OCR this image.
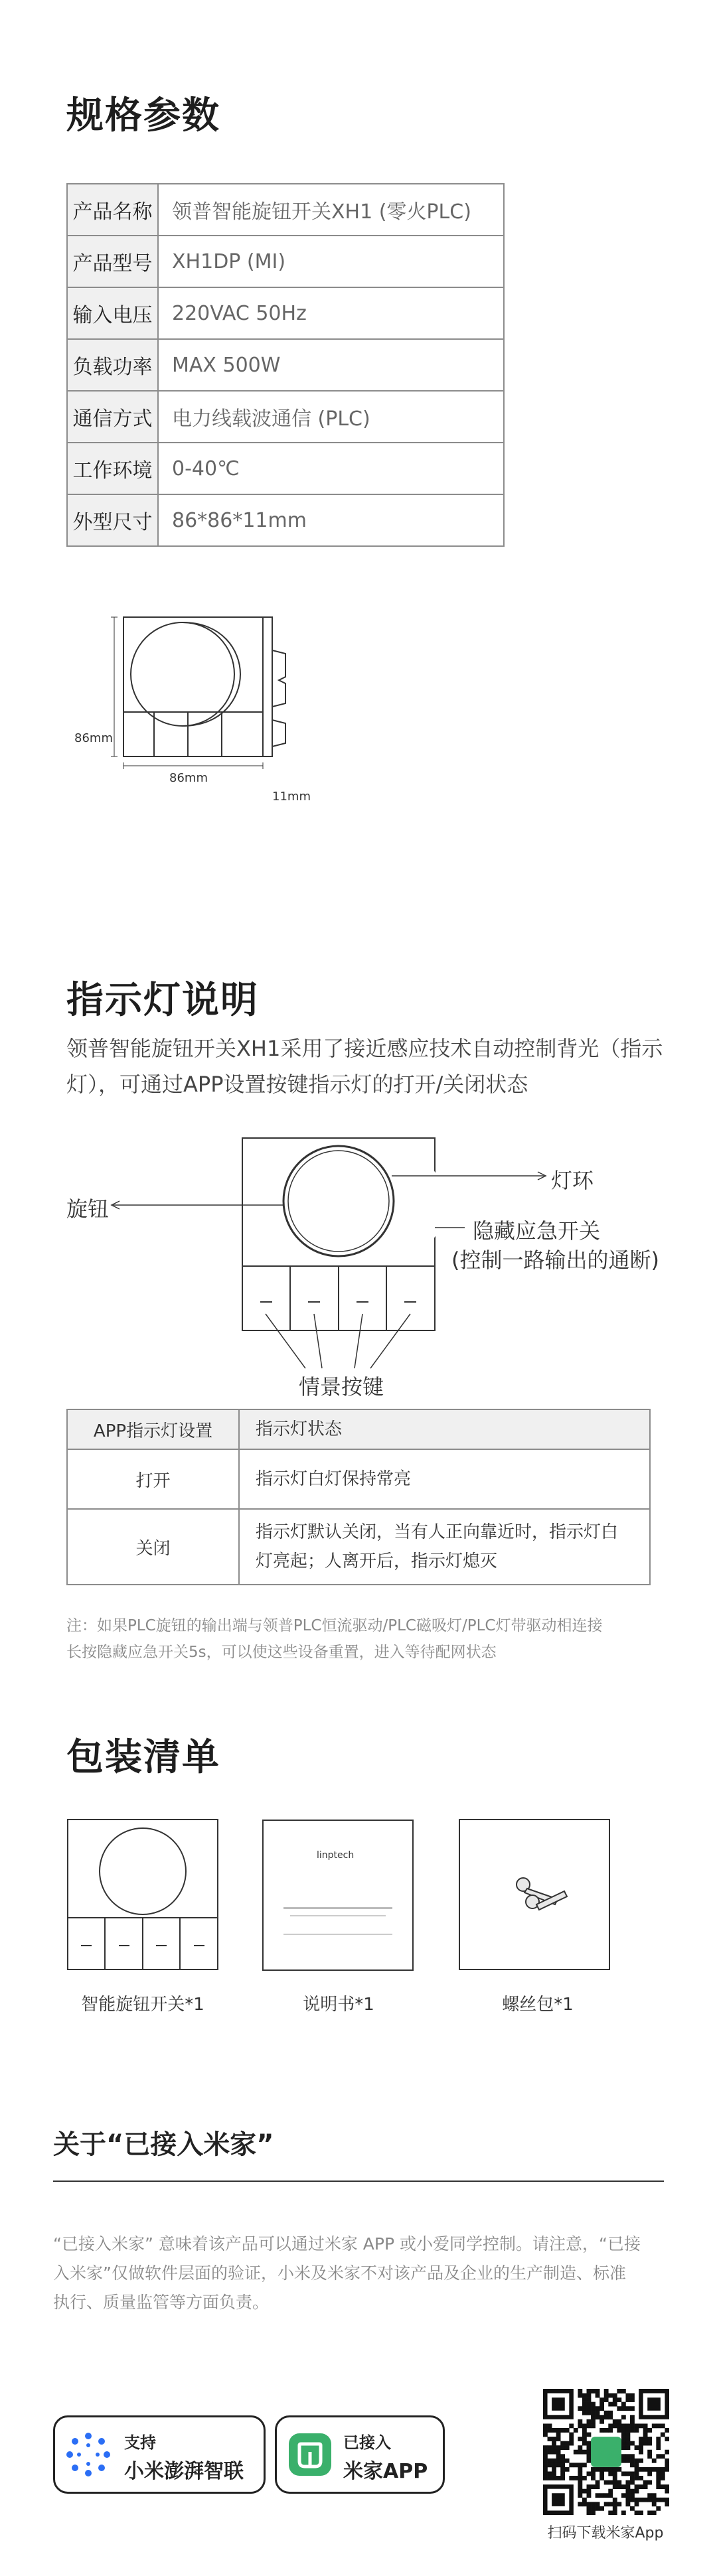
规格参数
产品名称	领普智能旋钮开关XH1 (零火PLC)
产品型号	XH1DP (MI)
输入电压	220VAC 50Hz
负载功率	MAX 500W
通信方式	电力线载波通信 (PLC)
工作环境	0-40℃
外型尺寸	86*86*11mm
86mm
86mm
11mm
指示灯说明
领普智能旋钮开关XH1采用了接近感应技术自动控制背光（指示
灯），可通过APP设置按键指示灯的打开/关闭状态
旋钮
灯环
隐藏应急开关
(控制一路输出的通断)
情景按键
APP指示灯设置	指示灯状态
打开	指示灯白灯保持常亮
关闭	指示灯默认关闭，当有人正向靠近时，指示灯白
灯亮起；人离开后，指示灯熄灭
注：如果PLC旋钮的输出端与领普PLC恒流驱动/PLC磁吸灯/PLC灯带驱动相连接
长按隐藏应急开关5s，可以使这些设备重置，进入等待配网状态
包装清单
linptech
智能旋钮开关*1	说明书*1	螺丝包*1
关于“已接入米家”
“已接入米家” 意味着该产品可以通过米家 APP 或小爱同学控制。请注意，“已接
入米家”仅做软件层面的验证，小米及米家不对该产品及企业的生产制造、标准
执行、质量监管等方面负责。
支持
小米澎湃智联
已接入
米家APP
扫码下载米家App
